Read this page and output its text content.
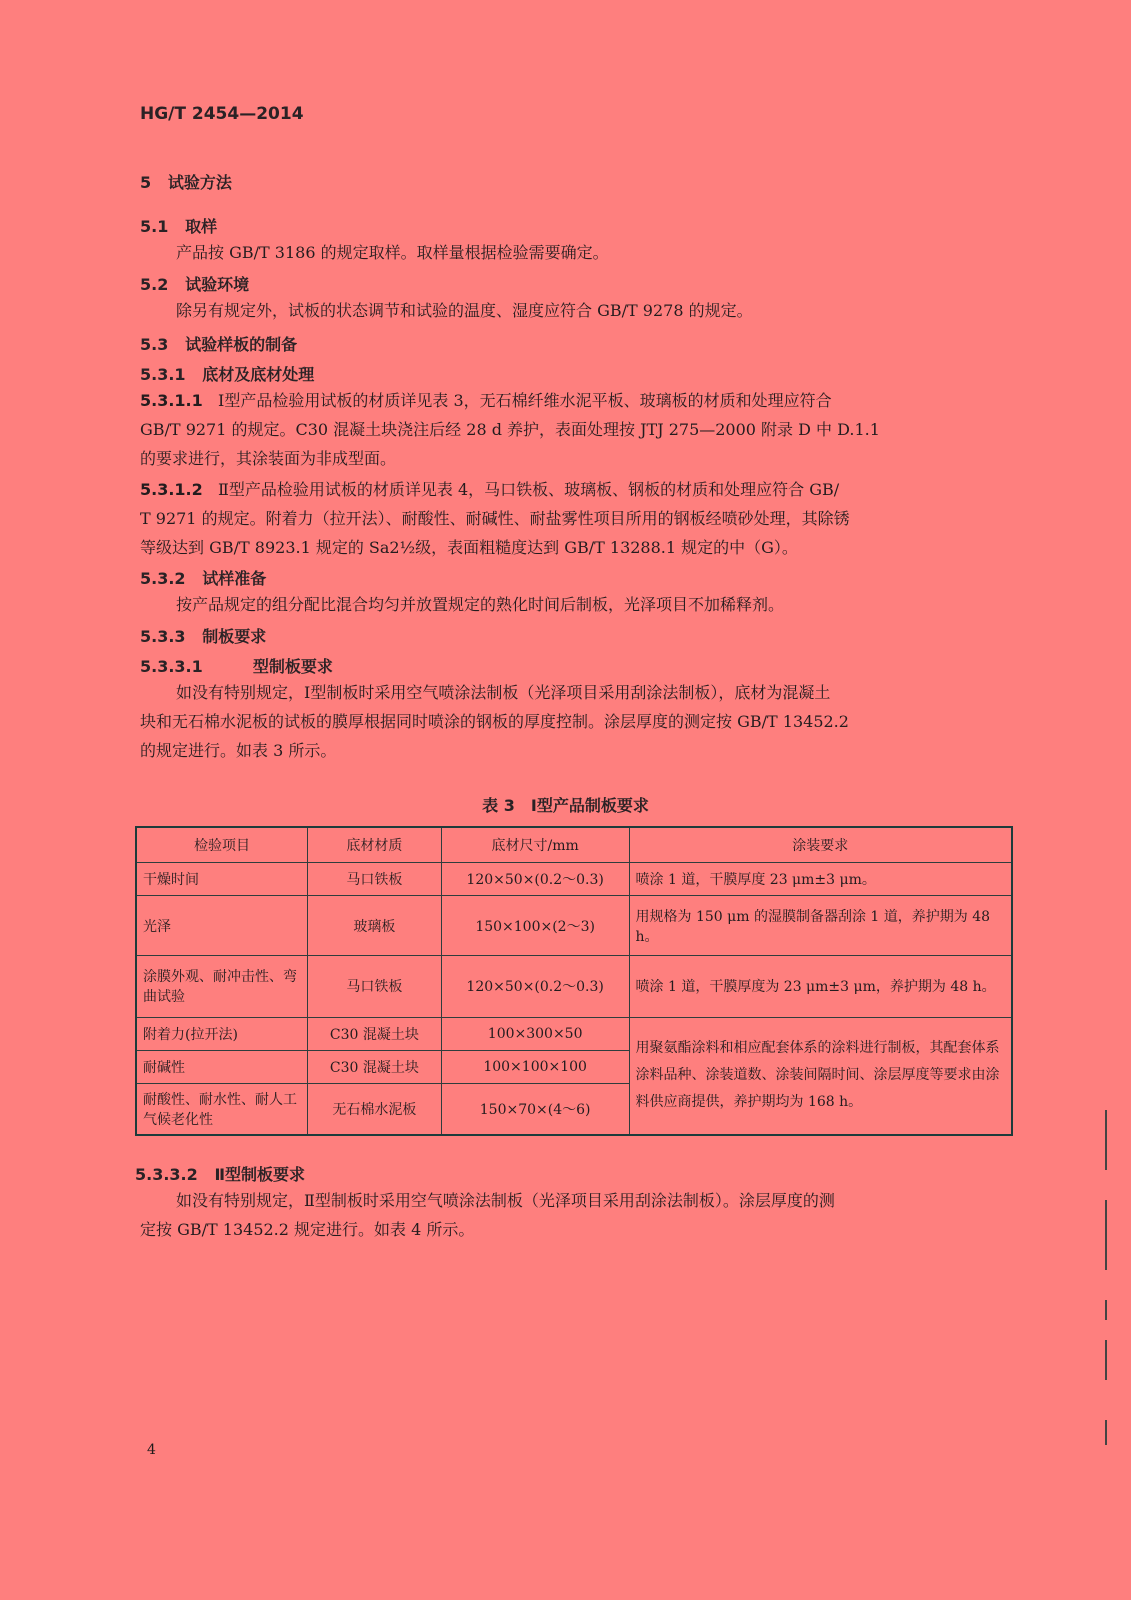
HG/T 2454—2014
5 试验方法
5.1 取样
产品按 GB/T 3186 的规定取样。取样量根据检验需要确定。
5.2 试验环境
除另有规定外，试板的状态调节和试验的温度、湿度应符合 GB/T 9278 的规定。
5.3 试验样板的制备
5.3.1 底材及底材处理
5.3.1.1 Ⅰ型产品检验用试板的材质详见表 3，无石棉纤维水泥平板、玻璃板的材质和处理应符合
GB/T 9271 的规定。C30 混凝土块浇注后经 28 d 养护，表面处理按 JTJ 275—2000 附录 D 中 D.1.1
的要求进行，其涂装面为非成型面。
5.3.1.2 Ⅱ型产品检验用试板的材质详见表 4，马口铁板、玻璃板、钢板的材质和处理应符合 GB/
T 9271 的规定。附着力（拉开法）、耐酸性、耐碱性、耐盐雾性项目所用的钢板经喷砂处理，其除锈
等级达到 GB/T 8923.1 规定的 Sa2½级，表面粗糙度达到 GB/T 13288.1 规定的中（G）。
5.3.2 试样准备
按产品规定的组分配比混合均匀并放置规定的熟化时间后制板，光泽项目不加稀释剂。
5.3.3 制板要求
5.3.3.1	型制板要求
如没有特别规定，Ⅰ型制板时采用空气喷涂法制板（光泽项目采用刮涂法制板），底材为混凝土
块和无石棉水泥板的试板的膜厚根据同时喷涂的钢板的厚度控制。涂层厚度的测定按 GB/T 13452.2
的规定进行。如表 3 所示。
表 3　Ⅰ型产品制板要求
检验项目	底材材质	底材尺寸/mm	涂装要求
干燥时间	马口铁板	120×50×(0.2～0.3)	喷涂 1 道，干膜厚度 23 μm±3 μm。
光泽	玻璃板	150×100×(2～3)	用规格为 150 μm 的湿膜制备器刮涂 1 道，养护期为 48 h。
涂膜外观、耐冲击性、弯曲试验	马口铁板	120×50×(0.2～0.3)	喷涂 1 道，干膜厚度为 23 μm±3 μm，养护期为 48 h。
附着力(拉开法)	C30 混凝土块	100×300×50	用聚氨酯涂料和相应配套体系的涂料进行制板，其配套体系涂料品种、涂装道数、涂装间隔时间、涂层厚度等要求由涂料供应商提供，养护期均为 168 h。
耐碱性	C30 混凝土块	100×100×100	
耐酸性、耐水性、耐人工气候老化性	无石棉水泥板	150×70×(4～6)	
5.3.3.2 Ⅱ型制板要求
如没有特别规定，Ⅱ型制板时采用空气喷涂法制板（光泽项目采用刮涂法制板）。涂层厚度的测
定按 GB/T 13452.2 规定进行。如表 4 所示。
4
